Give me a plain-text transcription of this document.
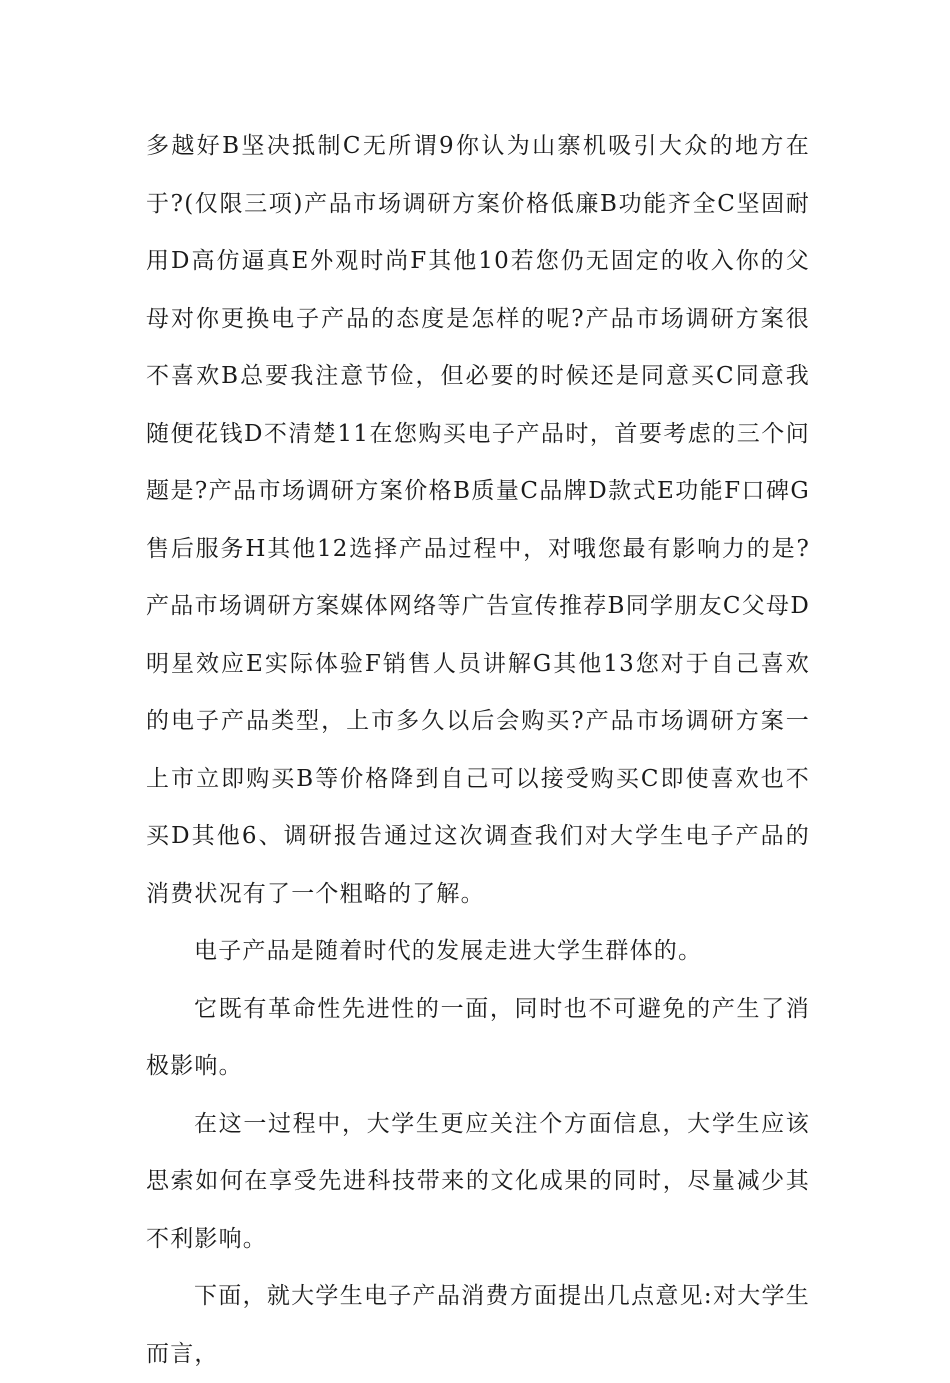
多越好B坚决抵制C无所谓9你认为山寨机吸引大众的地方在于?(仅限三项)产品市场调研方案价格低廉B功能齐全C坚固耐用D高仿逼真E外观时尚F其他10若您仍无固定的收入你的父母对你更换电子产品的态度是怎样的呢?产品市场调研方案很不喜欢B总要我注意节俭，但必要的时候还是同意买C同意我随便花钱D不清楚11在您购买电子产品时，首要考虑的三个问题是?产品市场调研方案价格B质量C品牌D款式E功能F口碑G售后服务H其他12选择产品过程中，对哦您最有影响力的是?产品市场调研方案媒体网络等广告宣传推荐B同学朋友C父母D明星效应E实际体验F销售人员讲解G其他13您对于自己喜欢的电子产品类型，上市多久以后会购买?产品市场调研方案一上市立即购买B等价格降到自己可以接受购买C即使喜欢也不买D其他6、调研报告通过这次调查我们对大学生电子产品的消费状况有了一个粗略的了解。

电子产品是随着时代的发展走进大学生群体的。

它既有革命性先进性的一面，同时也不可避免的产生了消极影响。

在这一过程中，大学生更应关注个方面信息，大学生应该思索如何在享受先进科技带来的文化成果的同时，尽量减少其不利影响。

下面，就大学生电子产品消费方面提出几点意见:对大学生而言，
